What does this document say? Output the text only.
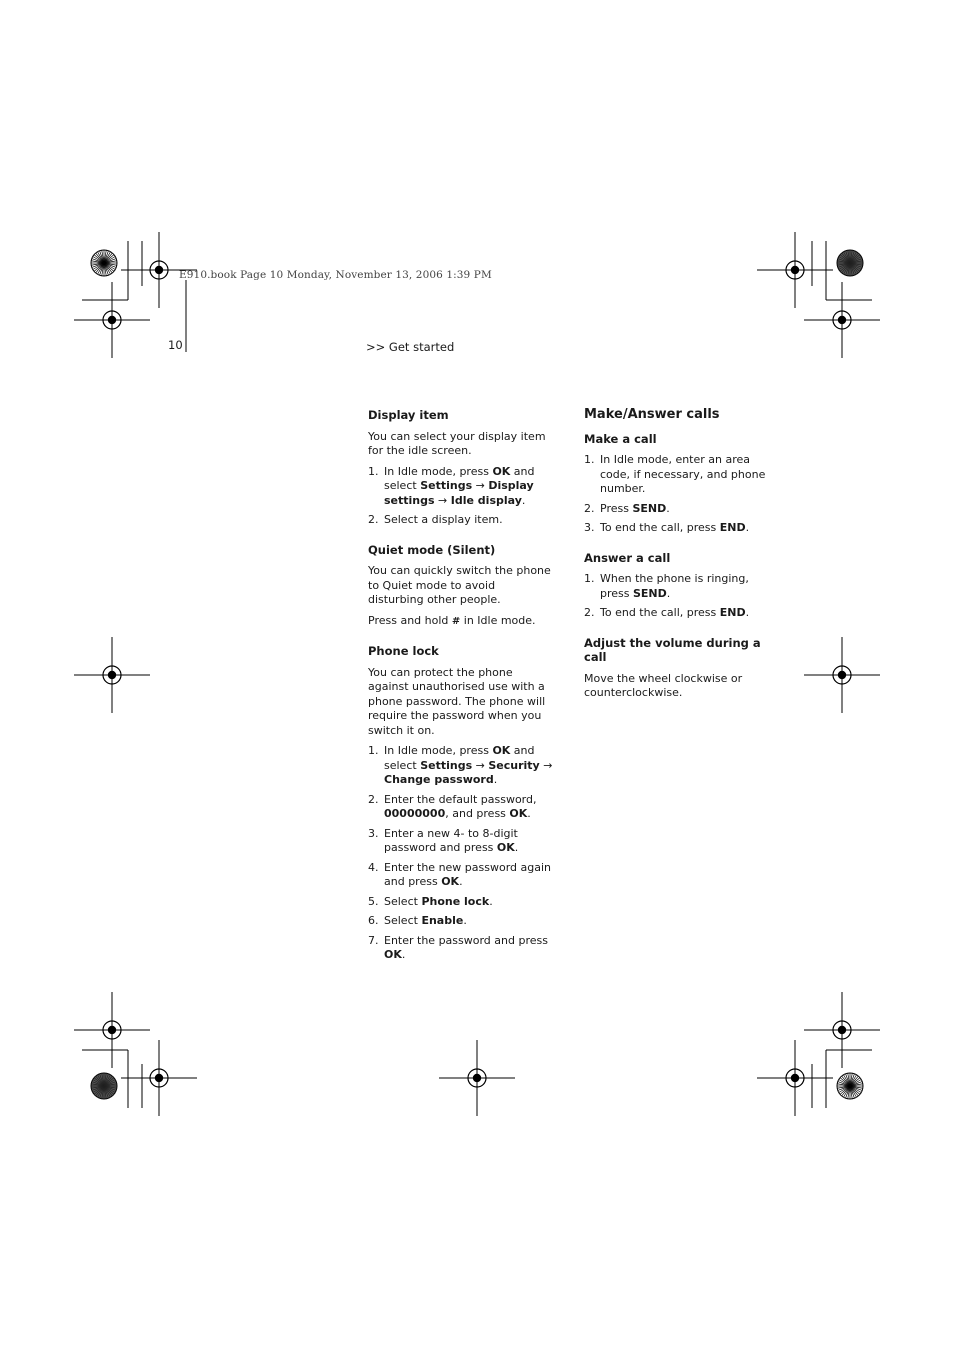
E910.book Page 10 Monday, November 13, 2006 1:39 PM
10	>> Get started
Display item

You can select your display item for the idle screen.

1. In Idle mode, press OK and select Settings → Display settings → Idle display.
2. Select a display item.
Quiet mode (Silent)

You can quickly switch the phone to Quiet mode to avoid disturbing other people.

Press and hold # in Idle mode.

Phone lock

You can protect the phone against unauthorised use with a phone password. The phone will require the password when you switch it on.

1. In Idle mode, press OK and select Settings → Security → Change password.
2. Enter the default password, 00000000, and press OK.
3. Enter a new 4- to 8-digit password and press OK.
4. Enter the new password again and press OK.
5. Select Phone lock.
6. Select Enable.
7. Enter the password and press OK.
Make/Answer calls
Make a call
1. In Idle mode, enter an area code, if necessary, and phone number.
2. Press SEND.
3. To end the call, press END.
Answer a call
1. When the phone is ringing, press SEND.
2. To end the call, press END.
Adjust the volume during a call

Move the wheel clockwise or counterclockwise.
